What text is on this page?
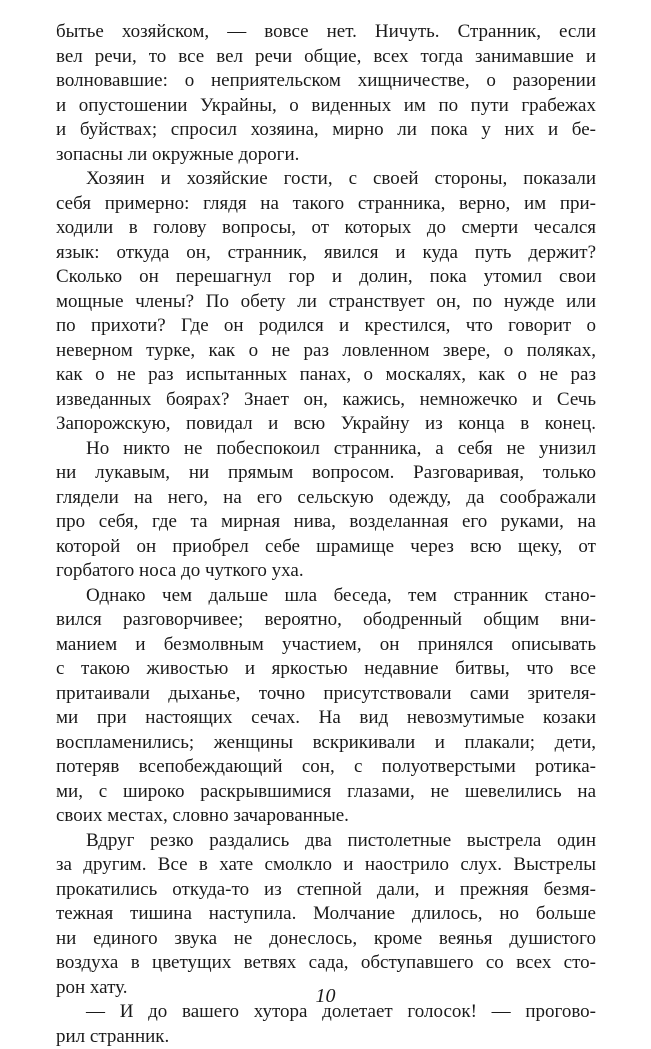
бытье хозяйском, — вовсе нет. Ничуть. Странник, если
вел речи, то все вел речи общие, всех тогда занимавшие и
волновавшие: о неприятельском хищничестве, о разорении
и опустошении Украйны, о виденных им по пути грабежах
и буйствах; спросил хозяина, мирно ли пока у них и бе-
зопасны ли окружные дороги.
Хозяин и хозяйские гости, с своей стороны, показали
себя примерно: глядя на такого странника, верно, им при-
ходили в голову вопросы, от которых до смерти чесался
язык: откуда он, странник, явился и куда путь держит?
Сколько он перешагнул гор и долин, пока утомил свои
мощные члены? По обету ли странствует он, по нужде или
по прихоти? Где он родился и крестился, что говорит о
неверном турке, как о не раз ловленном звере, о поляках,
как о не раз испытанных панах, о москалях, как о не раз
изведанных боярах? Знает он, кажись, немножечко и Сечь
Запорожскую, повидал и всю Украйну из конца в конец.
Но никто не побеспокоил странника, а себя не унизил
ни лукавым, ни прямым вопросом. Разговаривая, только
глядели на него, на его сельскую одежду, да соображали
про себя, где та мирная нива, возделанная его руками, на
которой он приобрел себе шрамище через всю щеку, от
горбатого носа до чуткого уха.
Однако чем дальше шла беседа, тем странник стано-
вился разговорчивее; вероятно, ободренный общим вни-
манием и безмолвным участием, он принялся описывать
с такою живостью и яркостью недавние битвы, что все
притаивали дыханье, точно присутствовали сами зрителя-
ми при настоящих сечах. На вид невозмутимые козаки
воспламенились; женщины вскрикивали и плакали; дети,
потеряв всепобеждающий сон, с полуотверстыми ротика-
ми, с широко раскрывшимися глазами, не шевелились на
своих местах, словно зачарованные.
Вдруг резко раздались два пистолетные выстрела один
за другим. Все в хате смолкло и наострило слух. Выстрелы
прокатились откуда-то из степной дали, и прежняя безмя-
тежная тишина наступила. Молчание длилось, но больше
ни единого звука не донеслось, кроме веянья душистого
воздуха в цветущих ветвях сада, обступавшего со всех сто-
рон хату.
— И до вашего хутора долетает голосок! — прогово-
рил странник.
10
